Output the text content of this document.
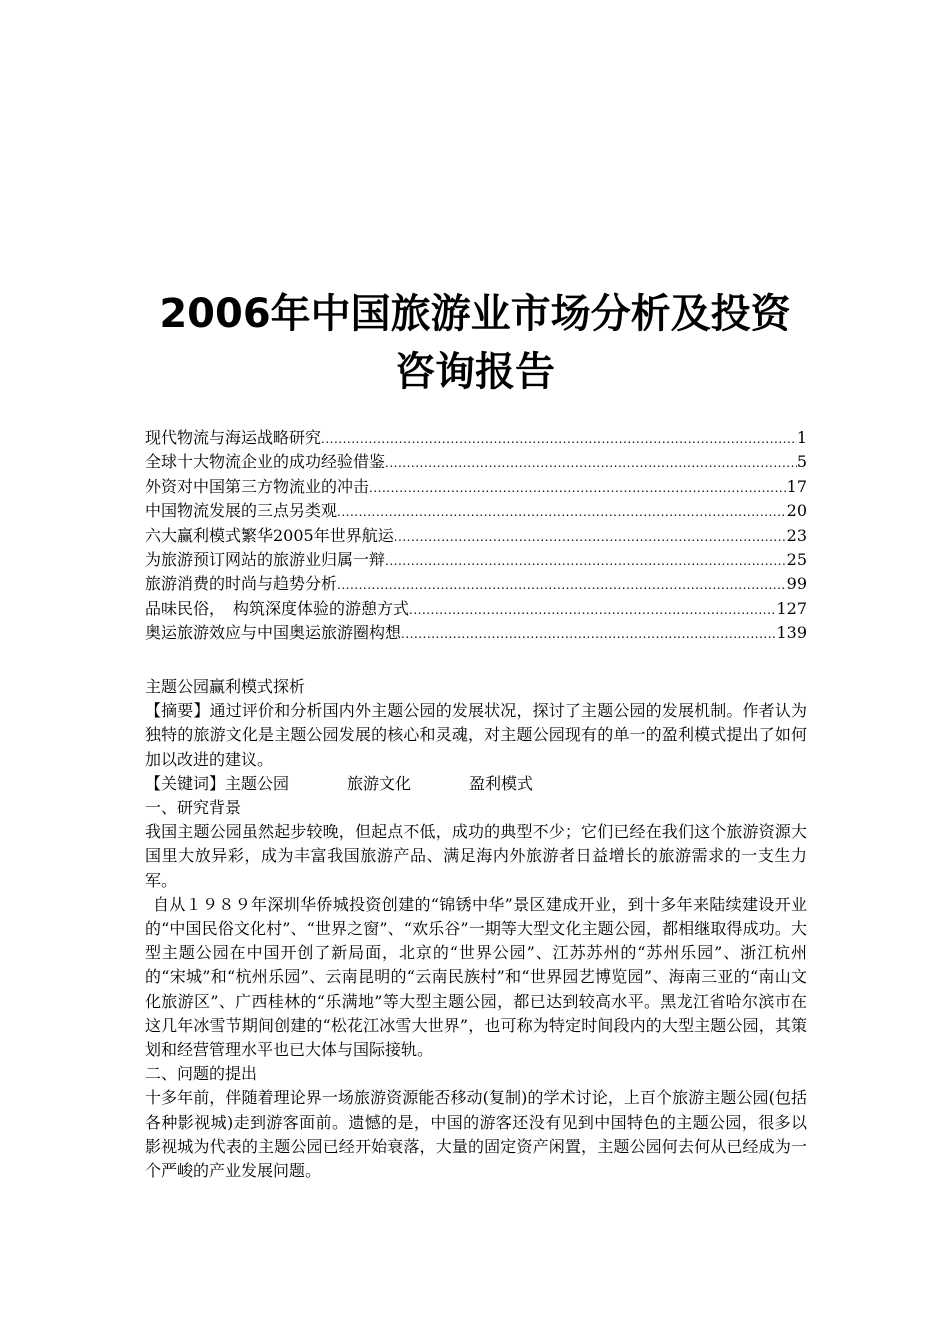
2006年中国旅游业市场分析及投资
咨询报告
现代物流与海运战略研究 .....	1
全球十大物流企业的成功经验借鉴 .....	5
外资对中国第三方物流业的冲击 .....	17
中国物流发展的三点另类观 .....	20
六大赢利模式繁华2005年世界航运 .....	23
为旅游预订网站的旅游业归属一辩 .....	25
旅游消费的时尚与趋势分析 .....	99
品味民俗，　构筑深度体验的游憩方式 .....	127
奥运旅游效应与中国奥运旅游圈构想 .....	139

主题公园赢利模式探析

【摘要】通过评价和分析国内外主题公园的发展状况，探讨了主题公园的发展机制。作者认为独特的旅游文化是主题公园发展的核心和灵魂，对主题公园现有的单一的盈利模式提出了如何加以改进的建议。

【关键词】主题公园	旅游文化	盈利模式

一、研究背景

我国主题公园虽然起步较晚，但起点不低，成功的典型不少；它们已经在我们这个旅游资源大国里大放异彩，成为丰富我国旅游产品、满足海内外旅游者日益增长的旅游需求的一支生力军。

自从１９８９年深圳华侨城投资创建的“锦锈中华”景区建成开业，到十多年来陆续建设开业的“中国民俗文化村”、“世界之窗”、“欢乐谷”一期等大型文化主题公园，都相继取得成功。大型主题公园在中国开创了新局面，北京的“世界公园”、江苏苏州的“苏州乐园”、浙江杭州的“宋城”和“杭州乐园”、云南昆明的“云南民族村”和“世界园艺博览园”、海南三亚的“南山文化旅游区”、广西桂林的“乐满地”等大型主题公园，都已达到较高水平。黑龙江省哈尔滨市在这几年冰雪节期间创建的“松花江冰雪大世界”，也可称为特定时间段内的大型主题公园，其策划和经营管理水平也已大体与国际接轨。

二、问题的提出

十多年前，伴随着理论界一场旅游资源能否移动(复制)的学术讨论，上百个旅游主题公园(包括各种影视城)走到游客面前。遗憾的是，中国的游客还没有见到中国特色的主题公园，很多以影视城为代表的主题公园已经开始衰落，大量的固定资产闲置，主题公园何去何从已经成为一个严峻的产业发展问题。
